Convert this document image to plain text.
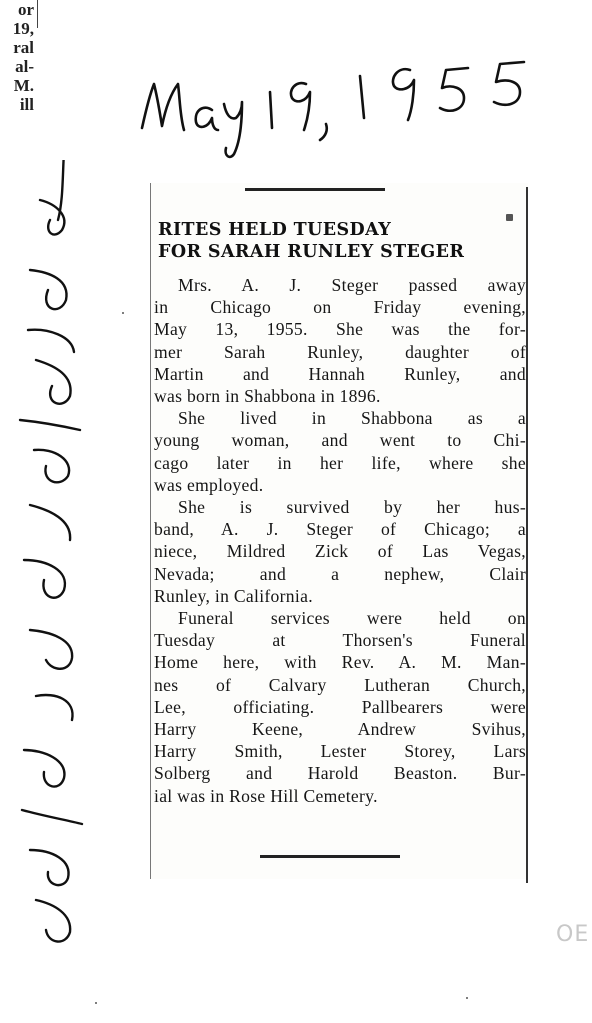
or
19,
ral
al-
M.
ill
RITES HELD TUESDAY
FOR SARAH RUNLEY STEGER
Mrs. A. J. Steger passed away
in Chicago on Friday evening,
May 13, 1955. She was the for-
mer Sarah Runley, daughter of
Martin and Hannah Runley, and
was born in Shabbona in 1896.
She lived in Shabbona as a
young woman, and went to Chi-
cago later in her life, where she
was employed.
She is survived by her hus-
band, A. J. Steger of Chicago; a
niece, Mildred Zick of Las Vegas,
Nevada; and a nephew, Clair
Runley, in California.
Funeral services were held on
Tuesday at Thorsen's Funeral
Home here, with Rev. A. M. Man-
nes of Calvary Lutheran Church,
Lee, officiating. Pallbearers were
Harry Keene, Andrew Svihus,
Harry Smith, Lester Storey, Lars
Solberg and Harold Beaston. Bur-
ial was in Rose Hill Cemetery.
OE
